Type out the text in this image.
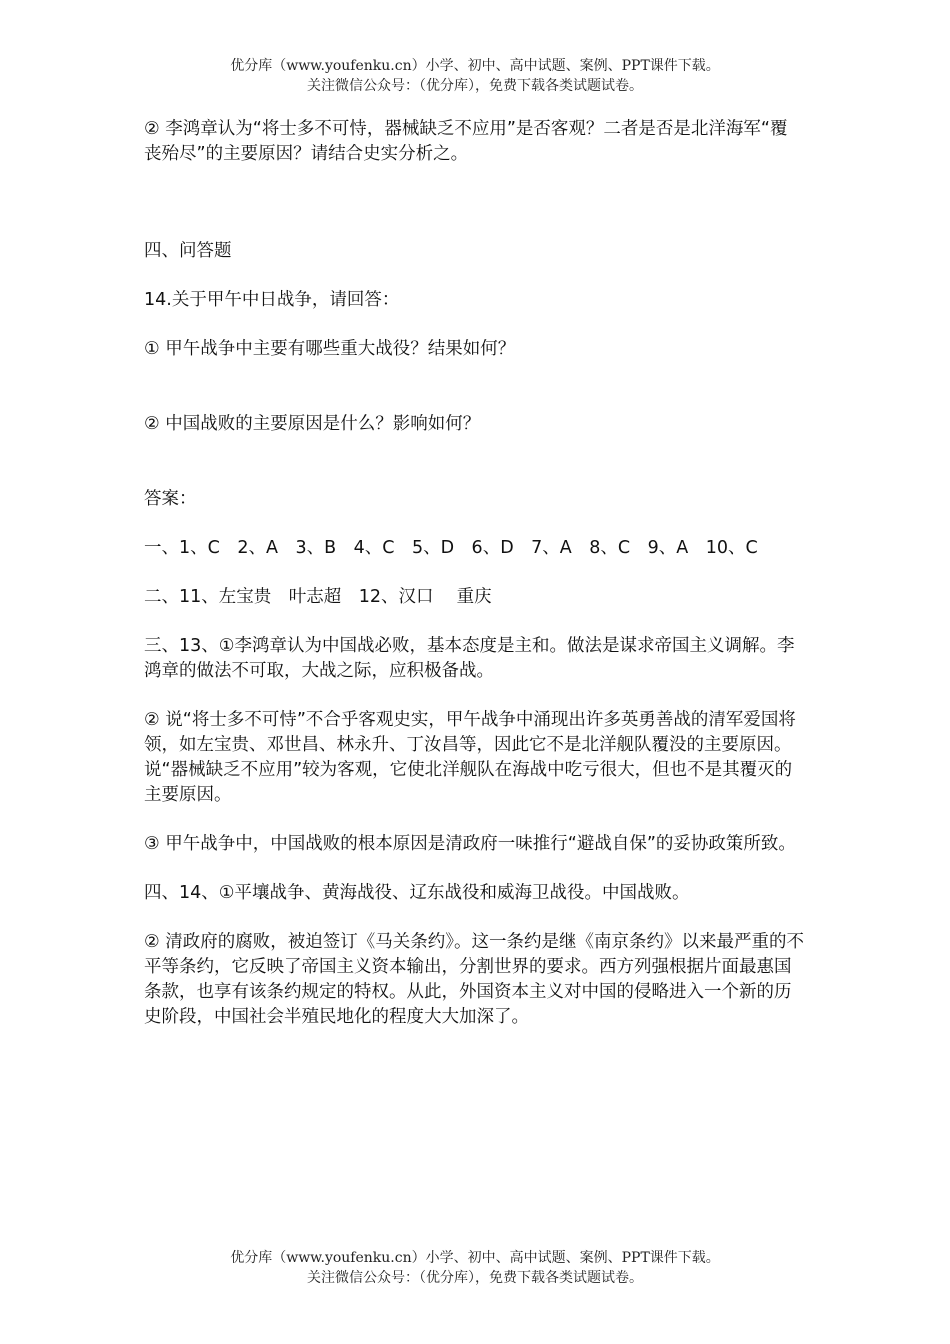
优分库（www.youfenku.cn）小学、初中、高中试题、案例、PPT课件下载。
关注微信公众号：（优分库），免费下载各类试题试卷。

② 李鸿章认为“将士多不可恃，器械缺乏不应用”是否客观？二者是否是北洋海军“覆丧殆尽”的主要原因？请结合史实分析之。

四、问答题

14.关于甲午中日战争，请回答：

① 甲午战争中主要有哪些重大战役？结果如何？

② 中国战败的主要原因是什么？影响如何？

答案：

一、1、C　2、A　3、B　4、C　5、D　6、D　7、A　8、C　9、A　10、C

二、11、左宝贵　叶志超　12、汉口　 重庆

三、13、①李鸿章认为中国战必败，基本态度是主和。做法是谋求帝国主义调解。李鸿章的做法不可取，大战之际，应积极备战。

② 说“将士多不可恃”不合乎客观史实，甲午战争中涌现出许多英勇善战的清军爱国将领，如左宝贵、邓世昌、林永升、丁汝昌等，因此它不是北洋舰队覆没的主要原因。说“器械缺乏不应用”较为客观，它使北洋舰队在海战中吃亏很大，但也不是其覆灭的主要原因。

③ 甲午战争中，中国战败的根本原因是清政府一味推行“避战自保”的妥协政策所致。

四、14、①平壤战争、黄海战役、辽东战役和威海卫战役。中国战败。

② 清政府的腐败，被迫签订《马关条约》。这一条约是继《南京条约》以来最严重的不平等条约，它反映了帝国主义资本输出，分割世界的要求。西方列强根据片面最惠国条款，也享有该条约规定的特权。从此，外国资本主义对中国的侵略进入一个新的历史阶段，中国社会半殖民地化的程度大大加深了。

优分库（www.youfenku.cn）小学、初中、高中试题、案例、PPT课件下载。
关注微信公众号：（优分库），免费下载各类试题试卷。
